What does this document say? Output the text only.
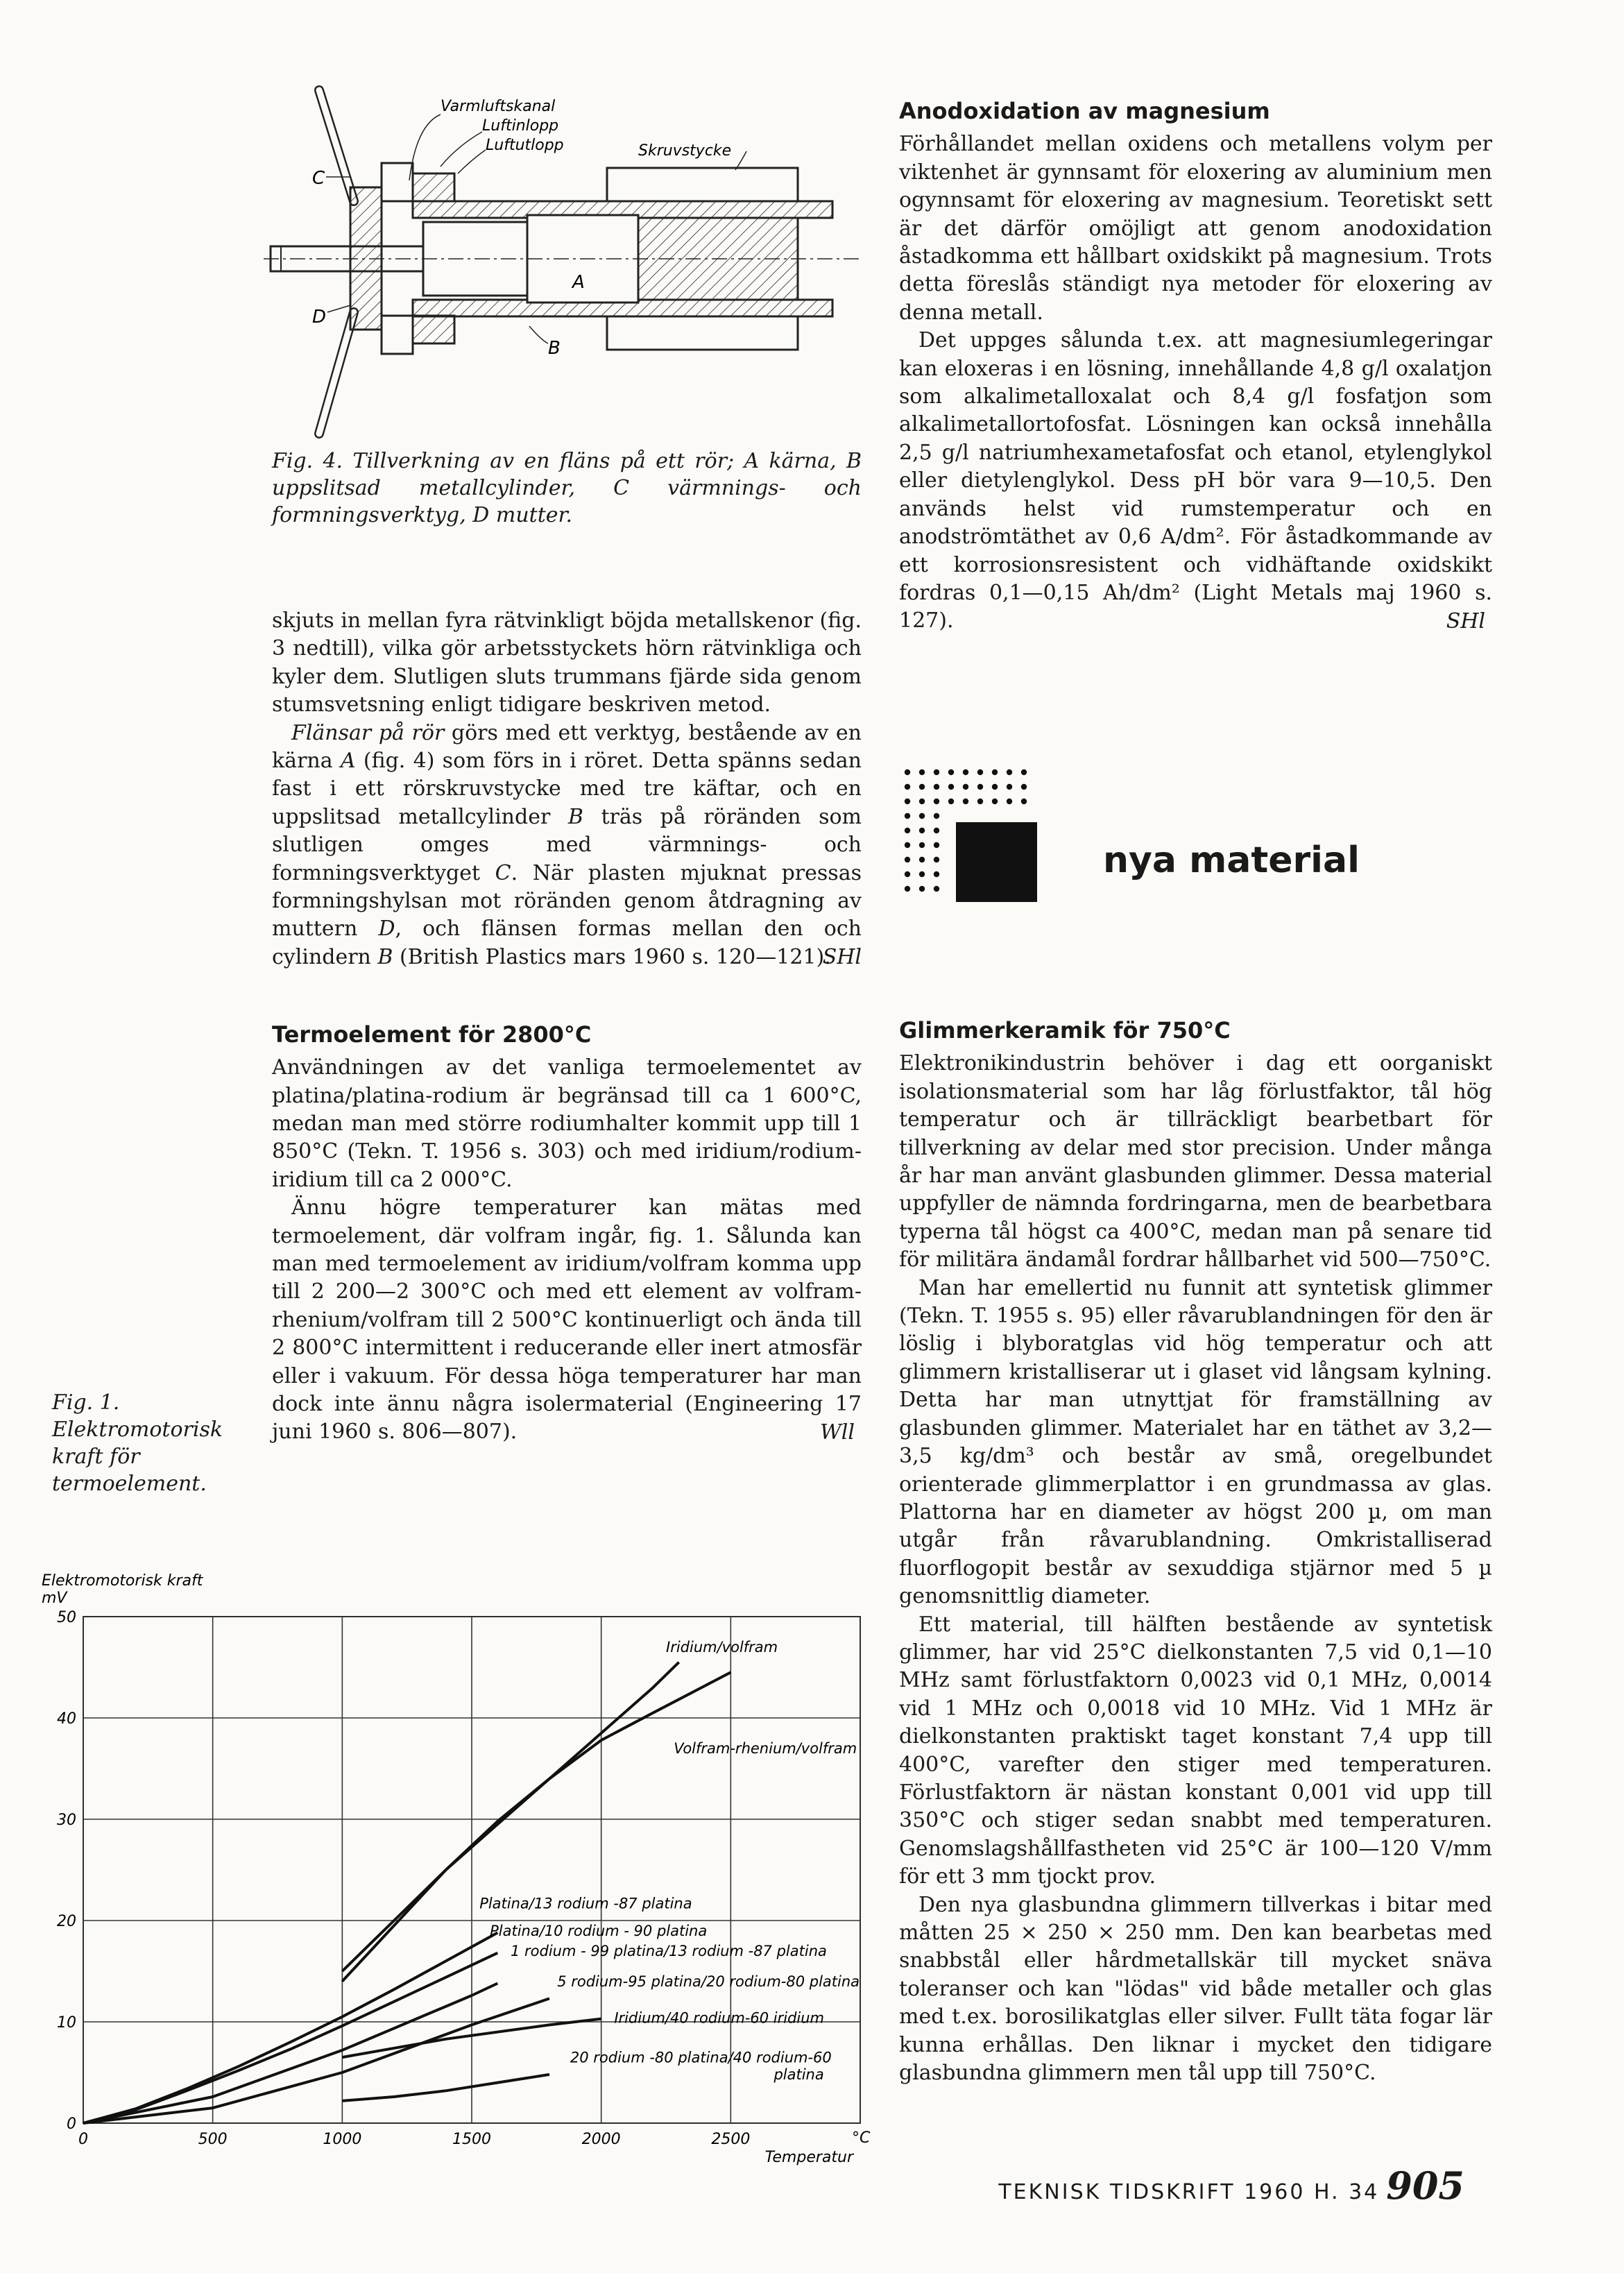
Varmluftskanal
Luftinlopp
Luftutlopp	Skruvstycke
A
B
C
D
Fig. 4. Tillverkning av en fläns på ett rör; A kärna, B uppslitsad metallcylinder, C värmnings- och formningsverktyg, D mutter.

skjuts in mellan fyra rätvinkligt böjda metallskenor (fig. 3 nedtill), vilka gör arbetsstyckets hörn rätvinkliga och kyler dem. Slutligen sluts trummans fjärde sida genom stumsvetsning enligt tidigare beskriven metod.

Flänsar på rör görs med ett verktyg, bestående av en kärna A (fig. 4) som förs in i röret. Detta spänns sedan fast i ett rörskruvstycke med tre käftar, och en uppslitsad metallcylinder B träs på röränden som slutligen omges med värmnings- och formningsverktyget C. När plasten mjuknat pressas formningshylsan mot röränden genom åtdragning av muttern D, och flänsen formas mellan den och cylindern B (British Plastics mars 1960 s. 120—121).

SHl
Termoelement för 2800°C

Användningen av det vanliga termoelementet av platina/platina-rodium är begränsad till ca 1 600°C, medan man med större rodiumhalter kommit upp till 1 850°C (Tekn. T. 1956 s. 303) och med iridium/rodium-iridium till ca 2 000°C.

Ännu högre temperaturer kan mätas med termoelement, där volfram ingår, fig. 1. Sålunda kan man med termoelement av iridium/volfram komma upp till 2 200—2 300°C och med ett element av volfram-rhenium/volfram till 2 500°C kontinuerligt och ända till 2 800°C intermittent i reducerande eller inert atmosfär eller i vakuum. För dessa höga temperaturer har man dock inte ännu några isolermaterial (Engineering 17 juni 1960 s. 806—807).	Wll
Fig. 1. Elektromotorisk kraft för termoelement.
0	500	1000	1500	2000	2500
0
10
20
30
40
50
Elektromotorisk kraft
mV
°C
Temperatur
Iridium/volfram
Volfram-rhenium/volfram
Platina/13 rodium -87 platina
Platina/10 rodium - 90 platina
1 rodium - 99 platina/13 rodium -87 platina
5 rodium-95 platina/20 rodium-80 platina
Iridium/40 rodium-60 iridium
20 rodium -80 platina/40 rodium-60
platina
Anodoxidation av magnesium

Förhållandet mellan oxidens och metallens volym per viktenhet är gynnsamt för eloxering av aluminium men ogynnsamt för eloxering av magnesium. Teoretiskt sett är det därför omöjligt att genom anodoxidation åstadkomma ett hållbart oxidskikt på magnesium. Trots detta föreslås ständigt nya metoder för eloxering av denna metall.

Det uppges sålunda t.ex. att magnesiumlegeringar kan eloxeras i en lösning, innehållande 4,8 g/l oxalatjon som alkalimetalloxalat och 8,4 g/l fosfatjon som alkalimetallortofosfat. Lösningen kan också innehålla 2,5 g/l natriumhexametafosfat och etanol, etylenglykol eller dietylenglykol. Dess pH bör vara 9—10,5. Den används helst vid rumstemperatur och en anodströmtäthet av 0,6 A/dm². För åstadkommande av ett korrosionsresistent och vidhäftande oxidskikt fordras 0,1—0,15 Ah/dm² (Light Metals maj 1960 s. 127).	SHl
nya material
Glimmerkeramik för 750°C

Elektronikindustrin behöver i dag ett oorganiskt isolationsmaterial som har låg förlustfaktor, tål hög temperatur och är tillräckligt bearbetbart för tillverkning av delar med stor precision. Under många år har man använt glasbunden glimmer. Dessa material uppfyller de nämnda fordringarna, men de bearbetbara typerna tål högst ca 400°C, medan man på senare tid för militära ändamål fordrar hållbarhet vid 500—750°C.

Man har emellertid nu funnit att syntetisk glimmer (Tekn. T. 1955 s. 95) eller råvarublandningen för den är löslig i blyboratglas vid hög temperatur och att glimmern kristalliserar ut i glaset vid långsam kylning. Detta har man utnyttjat för framställning av glasbunden glimmer. Materialet har en täthet av 3,2—3,5 kg/dm³ och består av små, oregelbundet orienterade glimmerplattor i en grundmassa av glas. Plattorna har en diameter av högst 200 µ, om man utgår från råvarublandning. Omkristalliserad fluorflogopit består av sexuddiga stjärnor med 5 µ genomsnittlig diameter.

Ett material, till hälften bestående av syntetisk glimmer, har vid 25°C dielkonstanten 7,5 vid 0,1—10 MHz samt förlustfaktorn 0,0023 vid 0,1 MHz, 0,0014 vid 1 MHz och 0,0018 vid 10 MHz. Vid 1 MHz är dielkonstanten praktiskt taget konstant 7,4 upp till 400°C, varefter den stiger med temperaturen. Förlustfaktorn är nästan konstant 0,001 vid upp till 350°C och stiger sedan snabbt med temperaturen. Genomslagshållfastheten vid 25°C är 100—120 V/mm för ett 3 mm tjockt prov.

Den nya glasbundna glimmern tillverkas i bitar med måtten 25 × 250 × 250 mm. Den kan bearbetas med snabbstål eller hårdmetallskär till mycket snäva toleranser och kan "lödas" vid både metaller och glas med t.ex. borosilikatglas eller silver. Fullt täta fogar lär kunna erhållas. Den liknar i mycket den tidigare glasbundna glimmern men tål upp till 750°C.

TEKNISK TIDSKRIFT 1960 H. 34 905
